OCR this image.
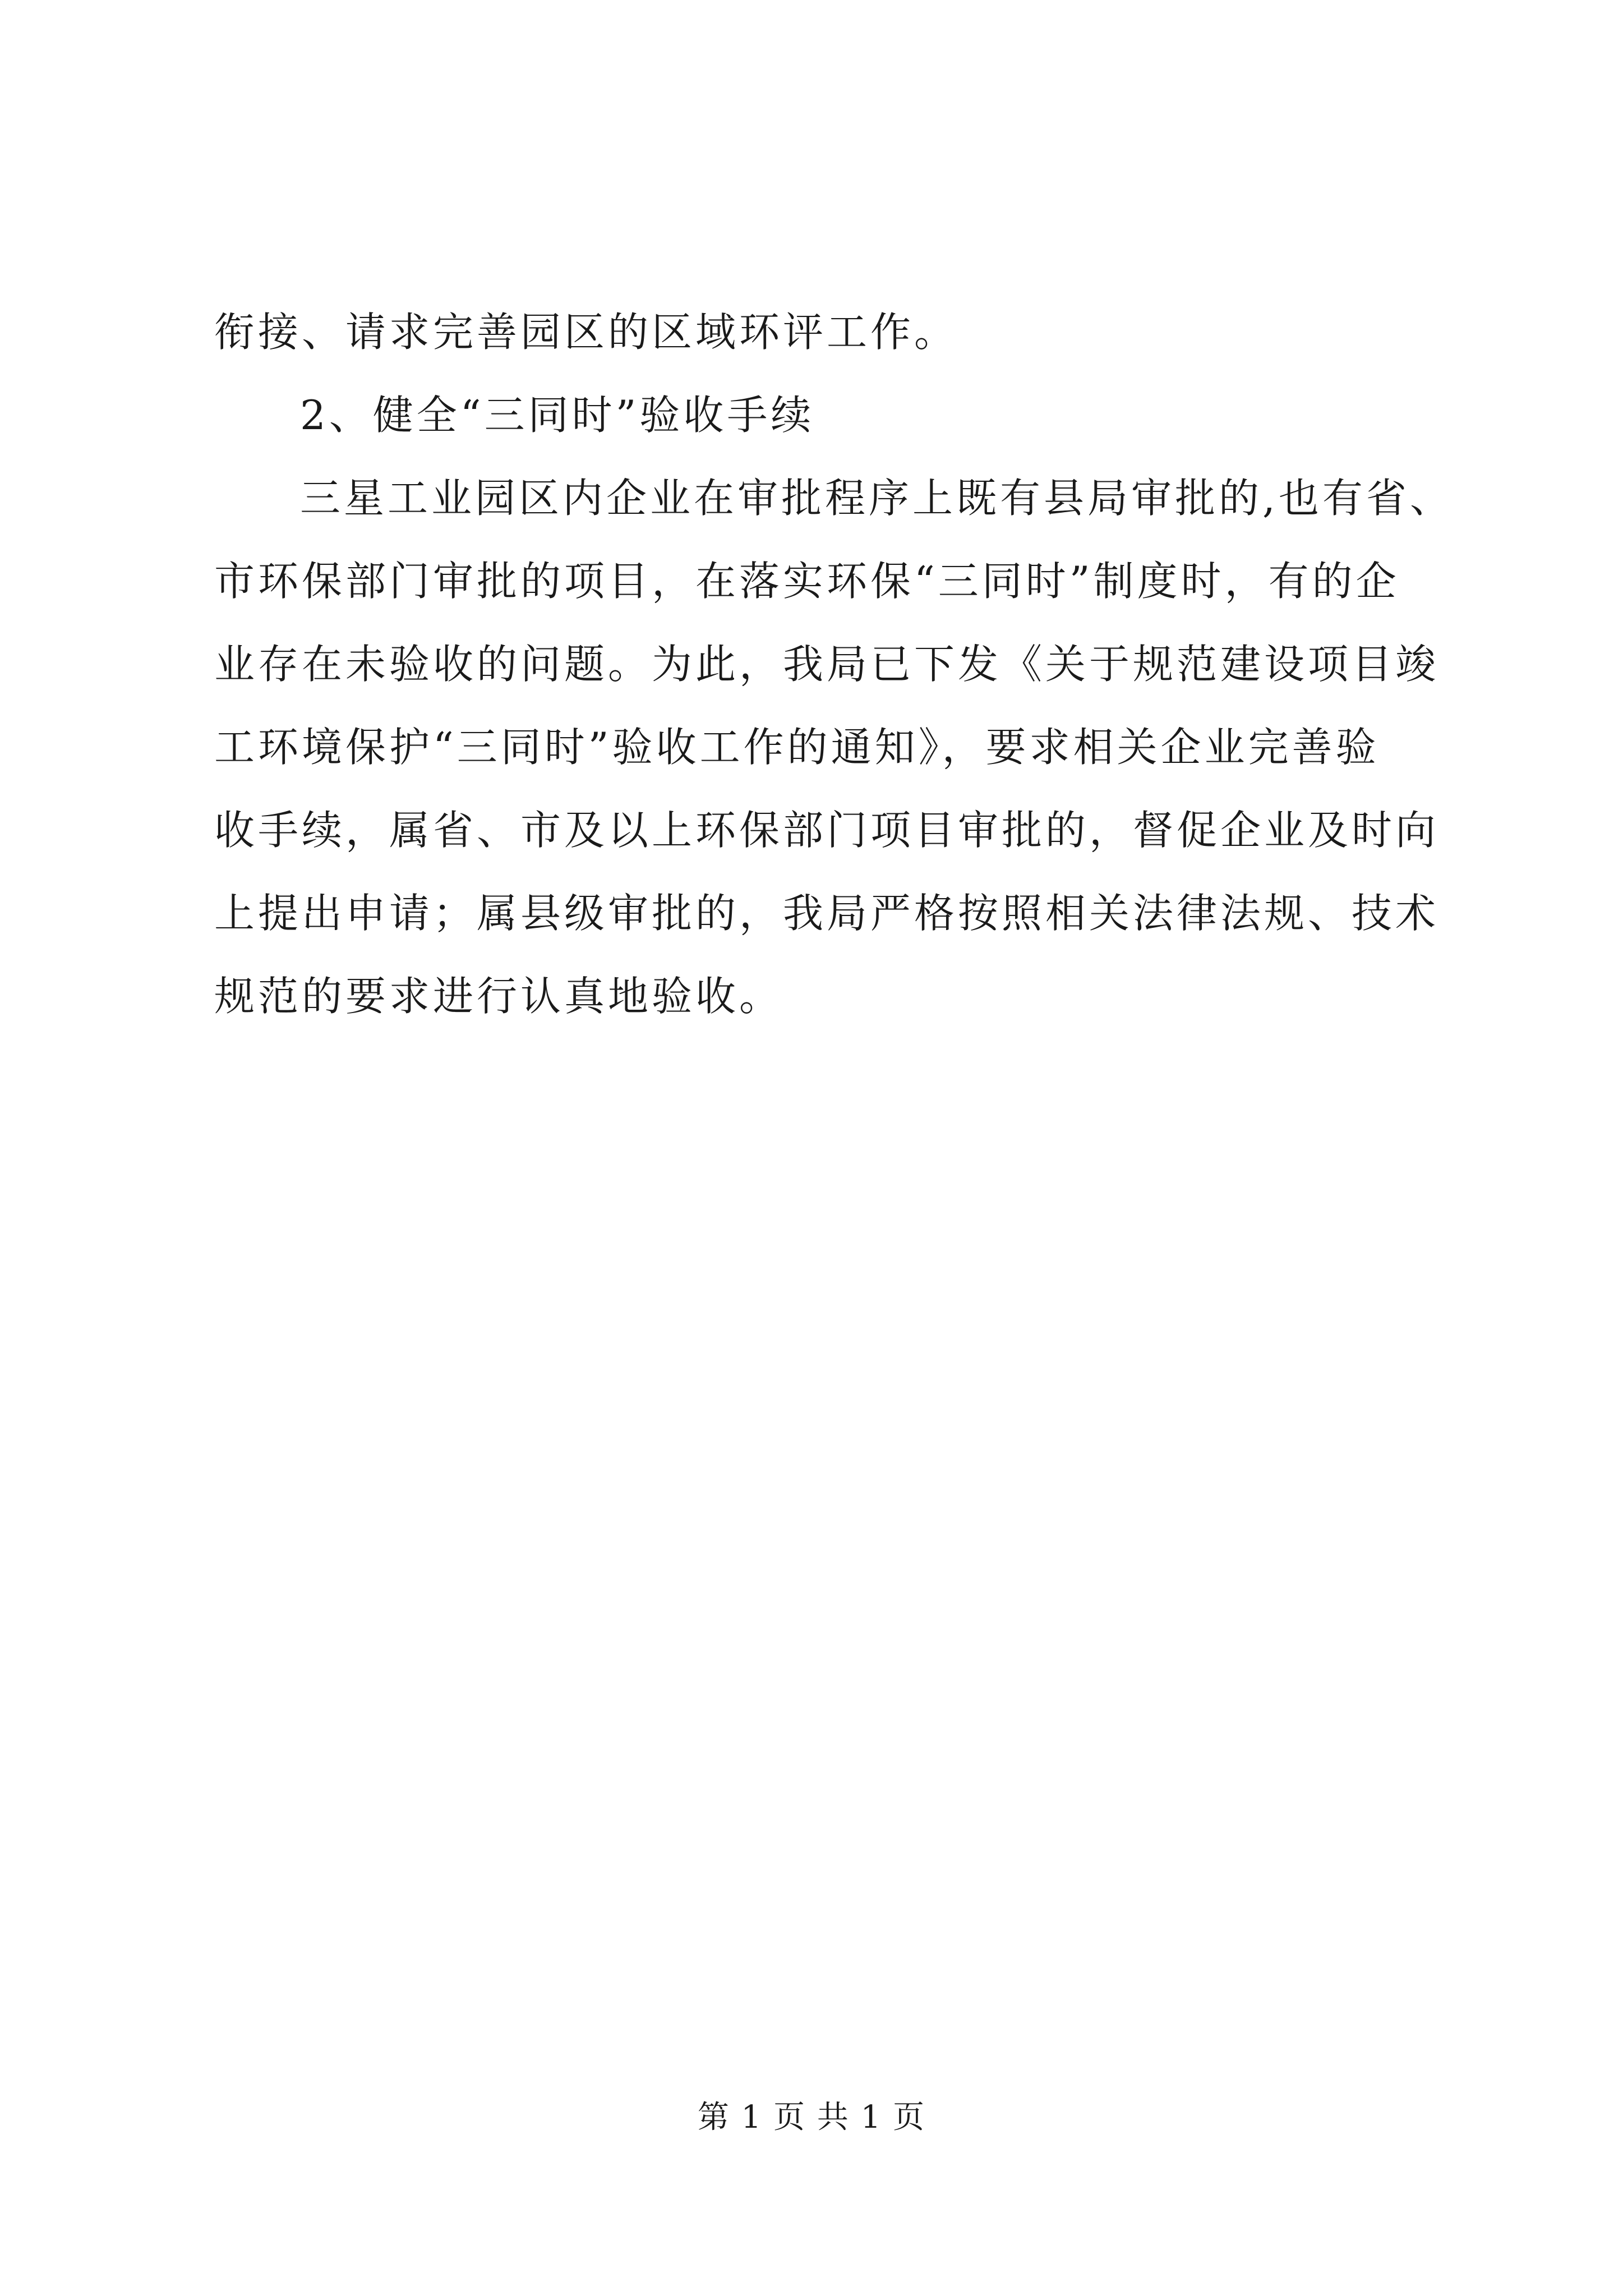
衔接、请求完善园区的区域环评工作。
2、健全“三同时”验收手续
三星工业园区内企业在审批程序上既有县局审批的,也有省、
市环保部门审批的项目，在落实环保“三同时”制度时，有的企
业存在未验收的问题。为此，我局已下发《关于规范建设项目竣
工环境保护“三同时”验收工作的通知》，要求相关企业完善验
收手续，属省、市及以上环保部门项目审批的，督促企业及时向
上提出申请；属县级审批的，我局严格按照相关法律法规、技术
规范的要求进行认真地验收。
第 1 页 共 1 页
